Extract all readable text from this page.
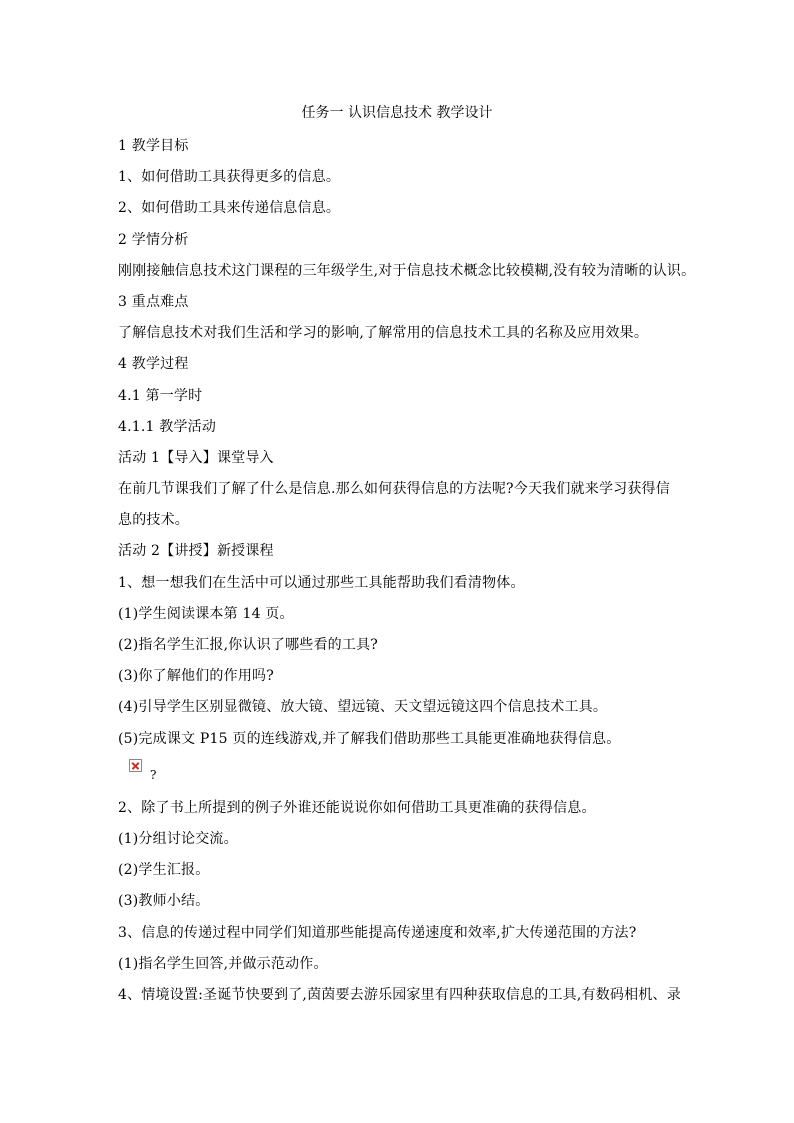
任务一 认识信息技术 教学设计
1 教学目标
1、如何借助工具获得更多的信息。
2、如何借助工具来传递信息信息。
2 学情分析
刚刚接触信息技术这门课程的三年级学生,对于信息技术概念比较模糊,没有较为清晰的认识。
3 重点难点
了解信息技术对我们生活和学习的影响,了解常用的信息技术工具的名称及应用效果。
4 教学过程
4.1 第一学时
4.1.1 教学活动
活动 1【导入】课堂导入
在前几节课我们了解了什么是信息.那么如何获得信息的方法呢?今天我们就来学习获得信
息的技术。
活动 2【讲授】新授课程
1、想一想我们在生活中可以通过那些工具能帮助我们看清物体。
(1)学生阅读课本第 14 页。
(2)指名学生汇报,你认识了哪些看的工具?
(3)你了解他们的作用吗?
(4)引导学生区别显微镜、放大镜、望远镜、天文望远镜这四个信息技术工具。
(5)完成课文 P15 页的连线游戏,并了解我们借助那些工具能更准确地获得信息。
?
2、除了书上所提到的例子外谁还能说说你如何借助工具更准确的获得信息。
(1)分组讨论交流。
(2)学生汇报。
(3)教师小结。
3、信息的传递过程中同学们知道那些能提高传递速度和效率,扩大传递范围的方法?
(1)指名学生回答,并做示范动作。
4、情境设置:圣诞节快要到了,茵茵要去游乐园家里有四种获取信息的工具,有数码相机、录
